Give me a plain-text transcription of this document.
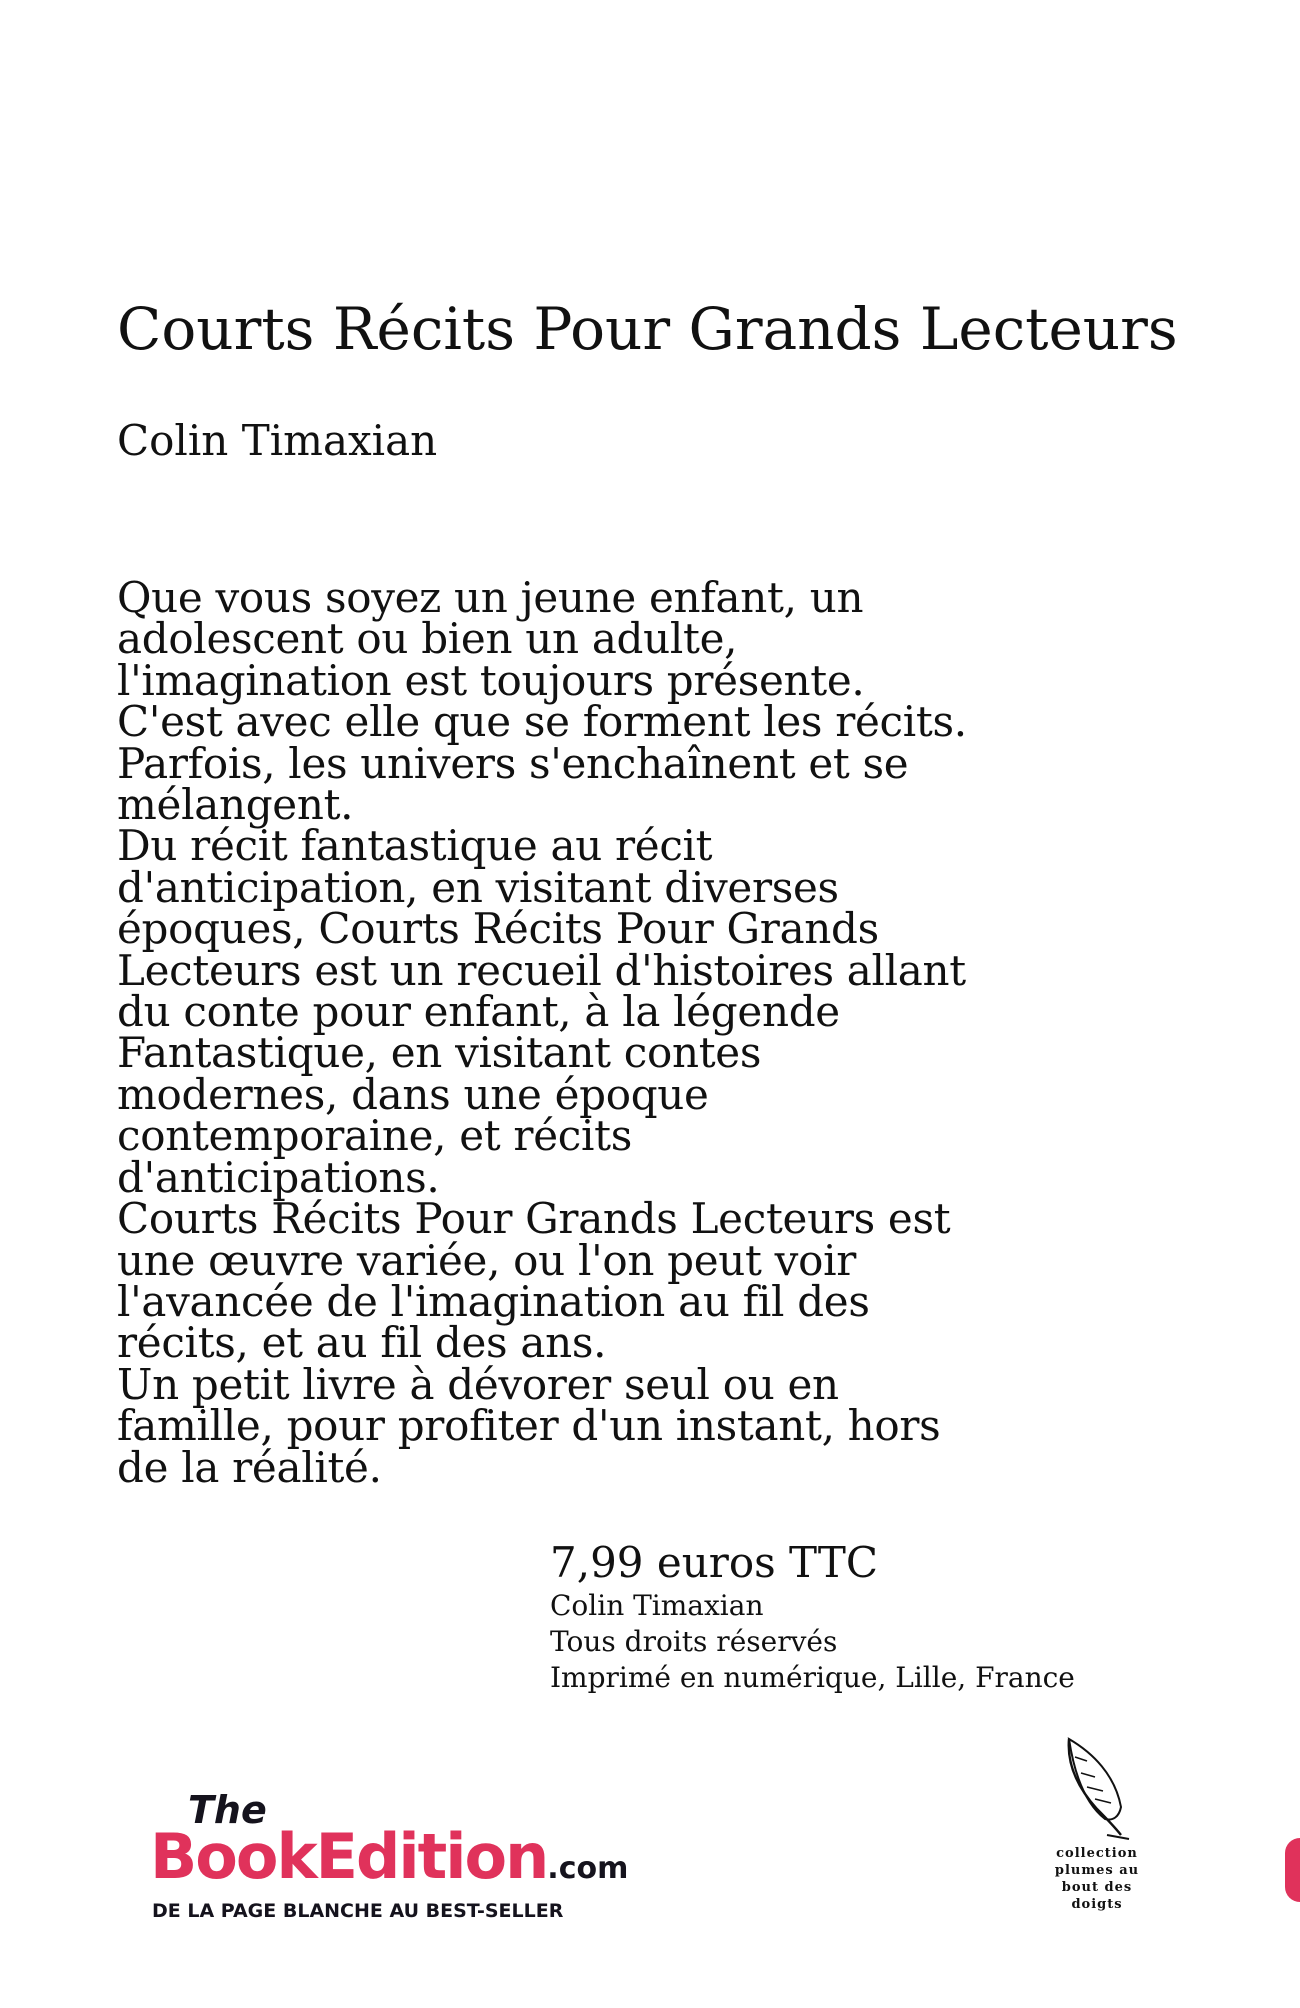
Courts Récits Pour Grands Lecteurs
Colin Timaxian
Que vous soyez un jeune enfant, un
adolescent ou bien un adulte,
l'imagination est toujours présente.
C'est avec elle que se forment les récits.
Parfois, les univers s'enchaînent et se
mélangent.
Du récit fantastique au récit
d'anticipation, en visitant diverses
époques, Courts Récits Pour Grands
Lecteurs est un recueil d'histoires allant
du conte pour enfant, à la légende
Fantastique, en visitant contes
modernes, dans une époque
contemporaine, et récits
d'anticipations.
Courts Récits Pour Grands Lecteurs est
une œuvre variée, ou l'on peut voir
l'avancée de l'imagination au fil des
récits, et au fil des ans.
Un petit livre à dévorer seul ou en
famille, pour profiter d'un instant, hors
de la réalité.
7,99 euros TTC
Colin Timaxian
Tous droits réservés
Imprimé en numérique, Lille, France
collection
plumes au
bout des
doigts
The
BookEdition.com
DE LA PAGE BLANCHE AU BEST-SELLER
